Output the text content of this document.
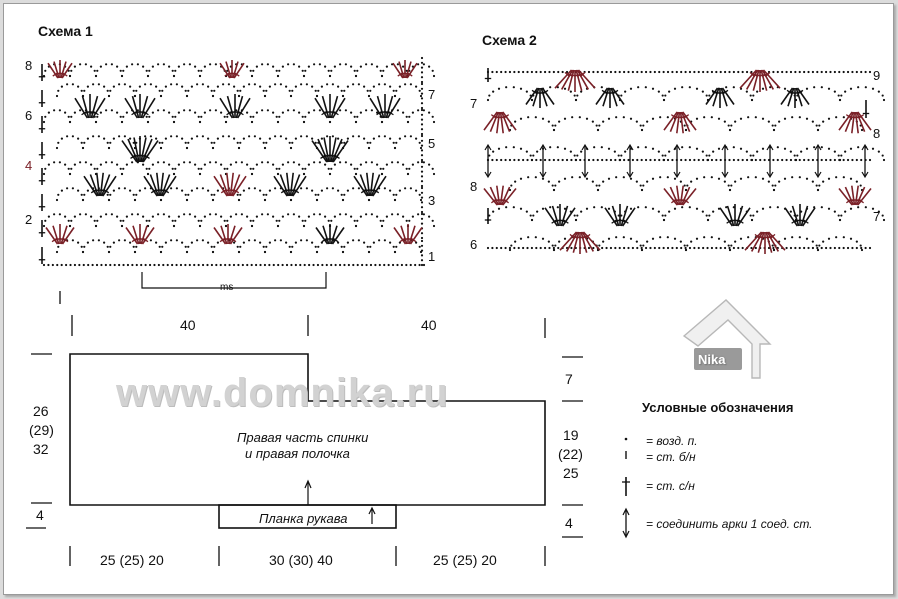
Схема 1
Схема 2
8
6
4
2
7
5
3
1
ms
7
8
6
9
8
7
40	40
26
(29)
32
4
7
19
(22)
25
4
25 (25) 20	30 (30) 40	25 (25) 20
www.domnika.ru
Правая часть спинки
и правая полочка
Планка рукава
Nika
Условные обозначения
= возд. п.
= ст. б/н
= ст. с/н
= соединить арки 1 соед. ст.
